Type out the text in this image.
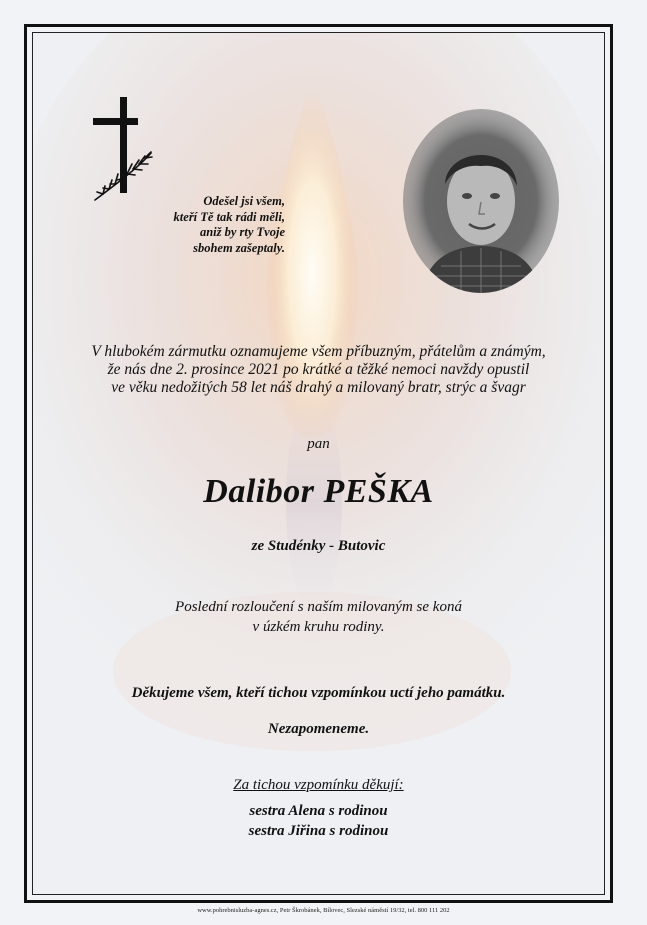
Odešel jsi všem,
kteří Tě tak rádi měli,
aniž by rty Tvoje
sbohem zašeptaly.
V hlubokém zármutku oznamujeme všem příbuzným, přátelům a známým,
že nás dne 2. prosince 2021 po krátké a těžké nemoci navždy opustil
ve věku nedožitých 58 let náš drahý a milovaný bratr, strýc a švagr
pan
Dalibor PEŠKA
ze Studénky - Butovic
Poslední rozloučení s naším milovaným se koná
v úzkém kruhu rodiny.
Děkujeme všem, kteří tichou vzpomínkou uctí jeho památku.
Nezapomeneme.
Za tichou vzpomínku děkují:
sestra Alena s rodinou
sestra Jiřina s rodinou
www.pohrebnisluzba-agnes.cz, Petr Škrobánek, Bílovec, Slezské náměstí 19/32, tel. 800 111 202
